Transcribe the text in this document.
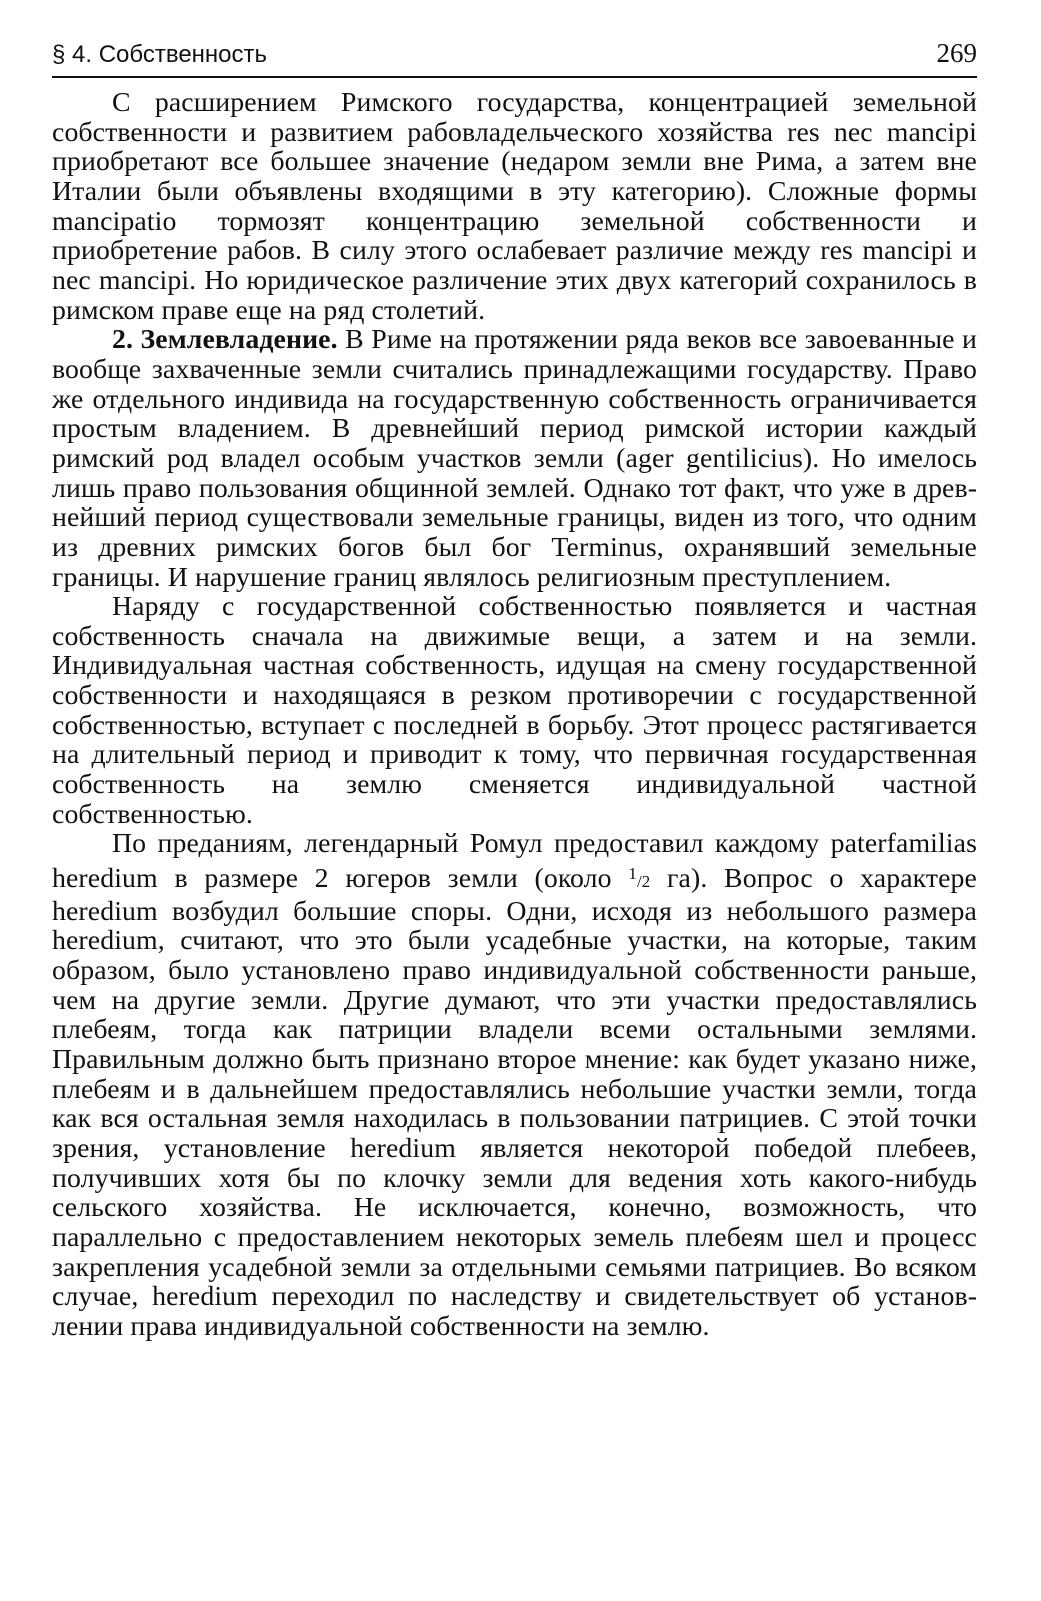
§ 4. Собственность	269

С расширением Римского государства, концентрацией земельной собственности и развитием рабовладельческого хозяйства res nec mancipi приобретают все большее значение (недаром земли вне Рима, а затем вне Италии были объявлены входящими в эту категорию). Сложные формы mancipatio тормозят концентрацию земельной собственности и приобретение рабов. В силу этого ослабевает различие между res mancipi и nec mancipi. Но юридическое различение этих двух категорий сохранилось в римском праве еще на ряд столетий.

2. Землевладение. В Риме на протяжении ряда веков все завоеванные и вообще захваченные земли считались принадлежащими государству. Право же отдельного индивида на государственную собственность ограничивается простым владением. В древнейший период римской истории каждый римский род владел особым участков земли (ager gentilicius). Но имелось лишь право пользования общинной землей. Однако тот факт, что уже в древнейший период существовали земельные границы, виден из того, что одним из древних римских богов был бог Terminus, охранявший земельные границы. И нарушение границ являлось религиозным преступлением.

Наряду с государственной собственностью появляется и частная собственность сначала на движимые вещи, а затем и на земли. Индивидуальная частная собственность, идущая на смену государственной собственности и находящаяся в резком противоречии с государственной собственностью, вступает с последней в борьбу. Этот процесс растягивается на длительный период и приводит к тому, что первичная государственная собственность на землю сменяется индивидуальной частной собственностью.

По преданиям, легендарный Ромул предоставил каждому paterfamilias heredium в размере 2 югеров земли (около $^1$/2 га). Вопрос о характере heredium возбудил большие споры. Одни, исходя из небольшого размера heredium, считают, что это были усадебные участки, на которые, таким образом, было установлено право индивидуальной собственности раньше, чем на другие земли. Другие думают, что эти участки предоставлялись плебеям, тогда как патриции владели всеми остальными землями. Правильным должно быть признано второе мнение: как будет указано ниже, плебеям и в дальнейшем предоставлялись небольшие участки земли, тогда как вся остальная земля находилась в пользовании патрициев. С этой точки зрения, установление heredium является некоторой победой плебеев, получивших хотя бы по клочку земли для ведения хоть какого-нибудь сельского хозяйства. Не исключается, конечно, возможность, что параллельно с предоставлением некоторых земель плебеям шел и процесс закрепления усадебной земли за отдельными семьями патрициев. Во всяком случае, heredium переходил по наследству и свидетельствует об установлении права индивидуальной собственности на землю.
